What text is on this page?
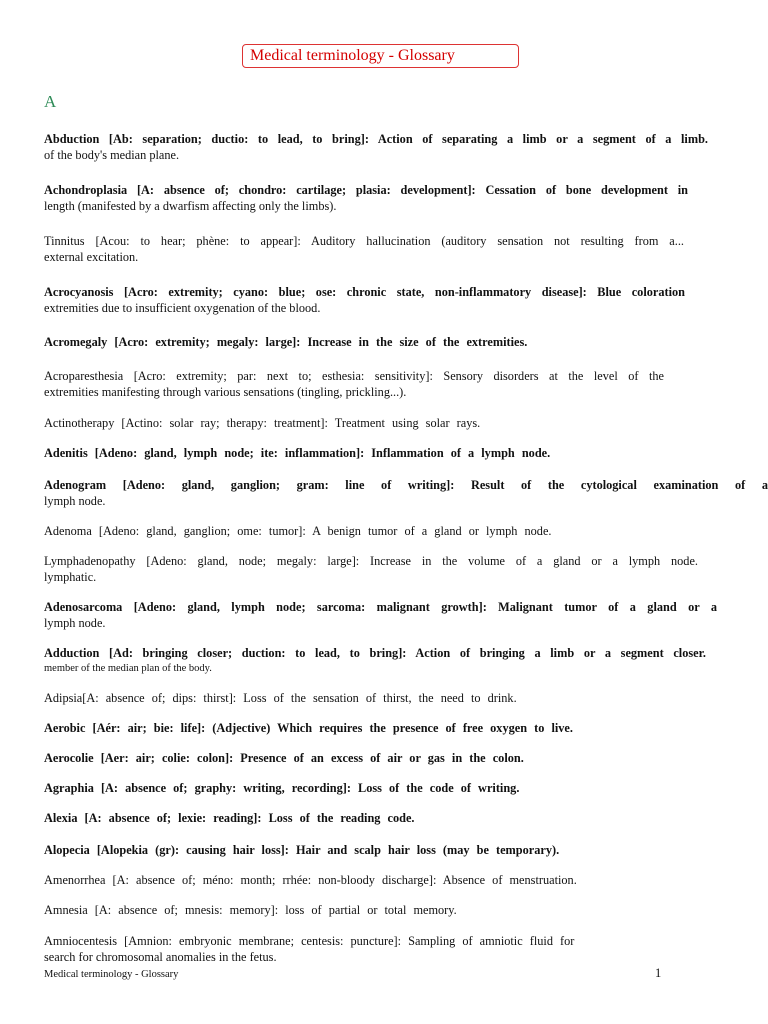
Medical terminology - Glossary
A
Abduction [Ab: separation; ductio: to lead, to bring]: Action of separating a limb or a segment of a limb.
of the body's median plane.
Achondroplasia [A: absence of; chondro: cartilage; plasia: development]: Cessation of bone development in
length (manifested by a dwarfism affecting only the limbs).
Tinnitus [Acou: to hear; phène: to appear]: Auditory hallucination (auditory sensation not resulting from a...
external excitation.
Acrocyanosis [Acro: extremity; cyano: blue; ose: chronic state, non-inflammatory disease]: Blue coloration
extremities due to insufficient oxygenation of the blood.
Acromegaly [Acro: extremity; megaly: large]: Increase in the size of the extremities.
Acroparesthesia [Acro: extremity; par: next to; esthesia: sensitivity]: Sensory disorders at the level of the
extremities manifesting through various sensations (tingling, prickling...).
Actinotherapy [Actino: solar ray; therapy: treatment]: Treatment using solar rays.
Adenitis [Adeno: gland, lymph node; ite: inflammation]: Inflammation of a lymph node.
Adenogram [Adeno: gland, ganglion; gram: line of writing]: Result of the cytological examination of a
lymph node.
Adenoma [Adeno: gland, ganglion; ome: tumor]: A benign tumor of a gland or lymph node.
Lymphadenopathy [Adeno: gland, node; megaly: large]: Increase in the volume of a gland or a lymph node.
lymphatic.
Adenosarcoma [Adeno: gland, lymph node; sarcoma: malignant growth]: Malignant tumor of a gland or a
lymph node.
Adduction [Ad: bringing closer; duction: to lead, to bring]: Action of bringing a limb or a segment closer.
member of the median plan of the body.
Adipsia[A: absence of; dips: thirst]: Loss of the sensation of thirst, the need to drink.
Aerobic [Aér: air; bie: life]: (Adjective) Which requires the presence of free oxygen to live.
Aerocolie [Aer: air; colie: colon]: Presence of an excess of air or gas in the colon.
Agraphia [A: absence of; graphy: writing, recording]: Loss of the code of writing.
Alexia [A: absence of; lexie: reading]: Loss of the reading code.
Alopecia [Alopekia (gr): causing hair loss]: Hair and scalp hair loss (may be temporary).
Amenorrhea [A: absence of; méno: month; rrhée: non-bloody discharge]: Absence of menstruation.
Amnesia [A: absence of; mnesis: memory]: loss of partial or total memory.
Amniocentesis [Amnion: embryonic membrane; centesis: puncture]: Sampling of amniotic fluid for
search for chromosomal anomalies in the fetus.
Medical terminology - Glossary	1
